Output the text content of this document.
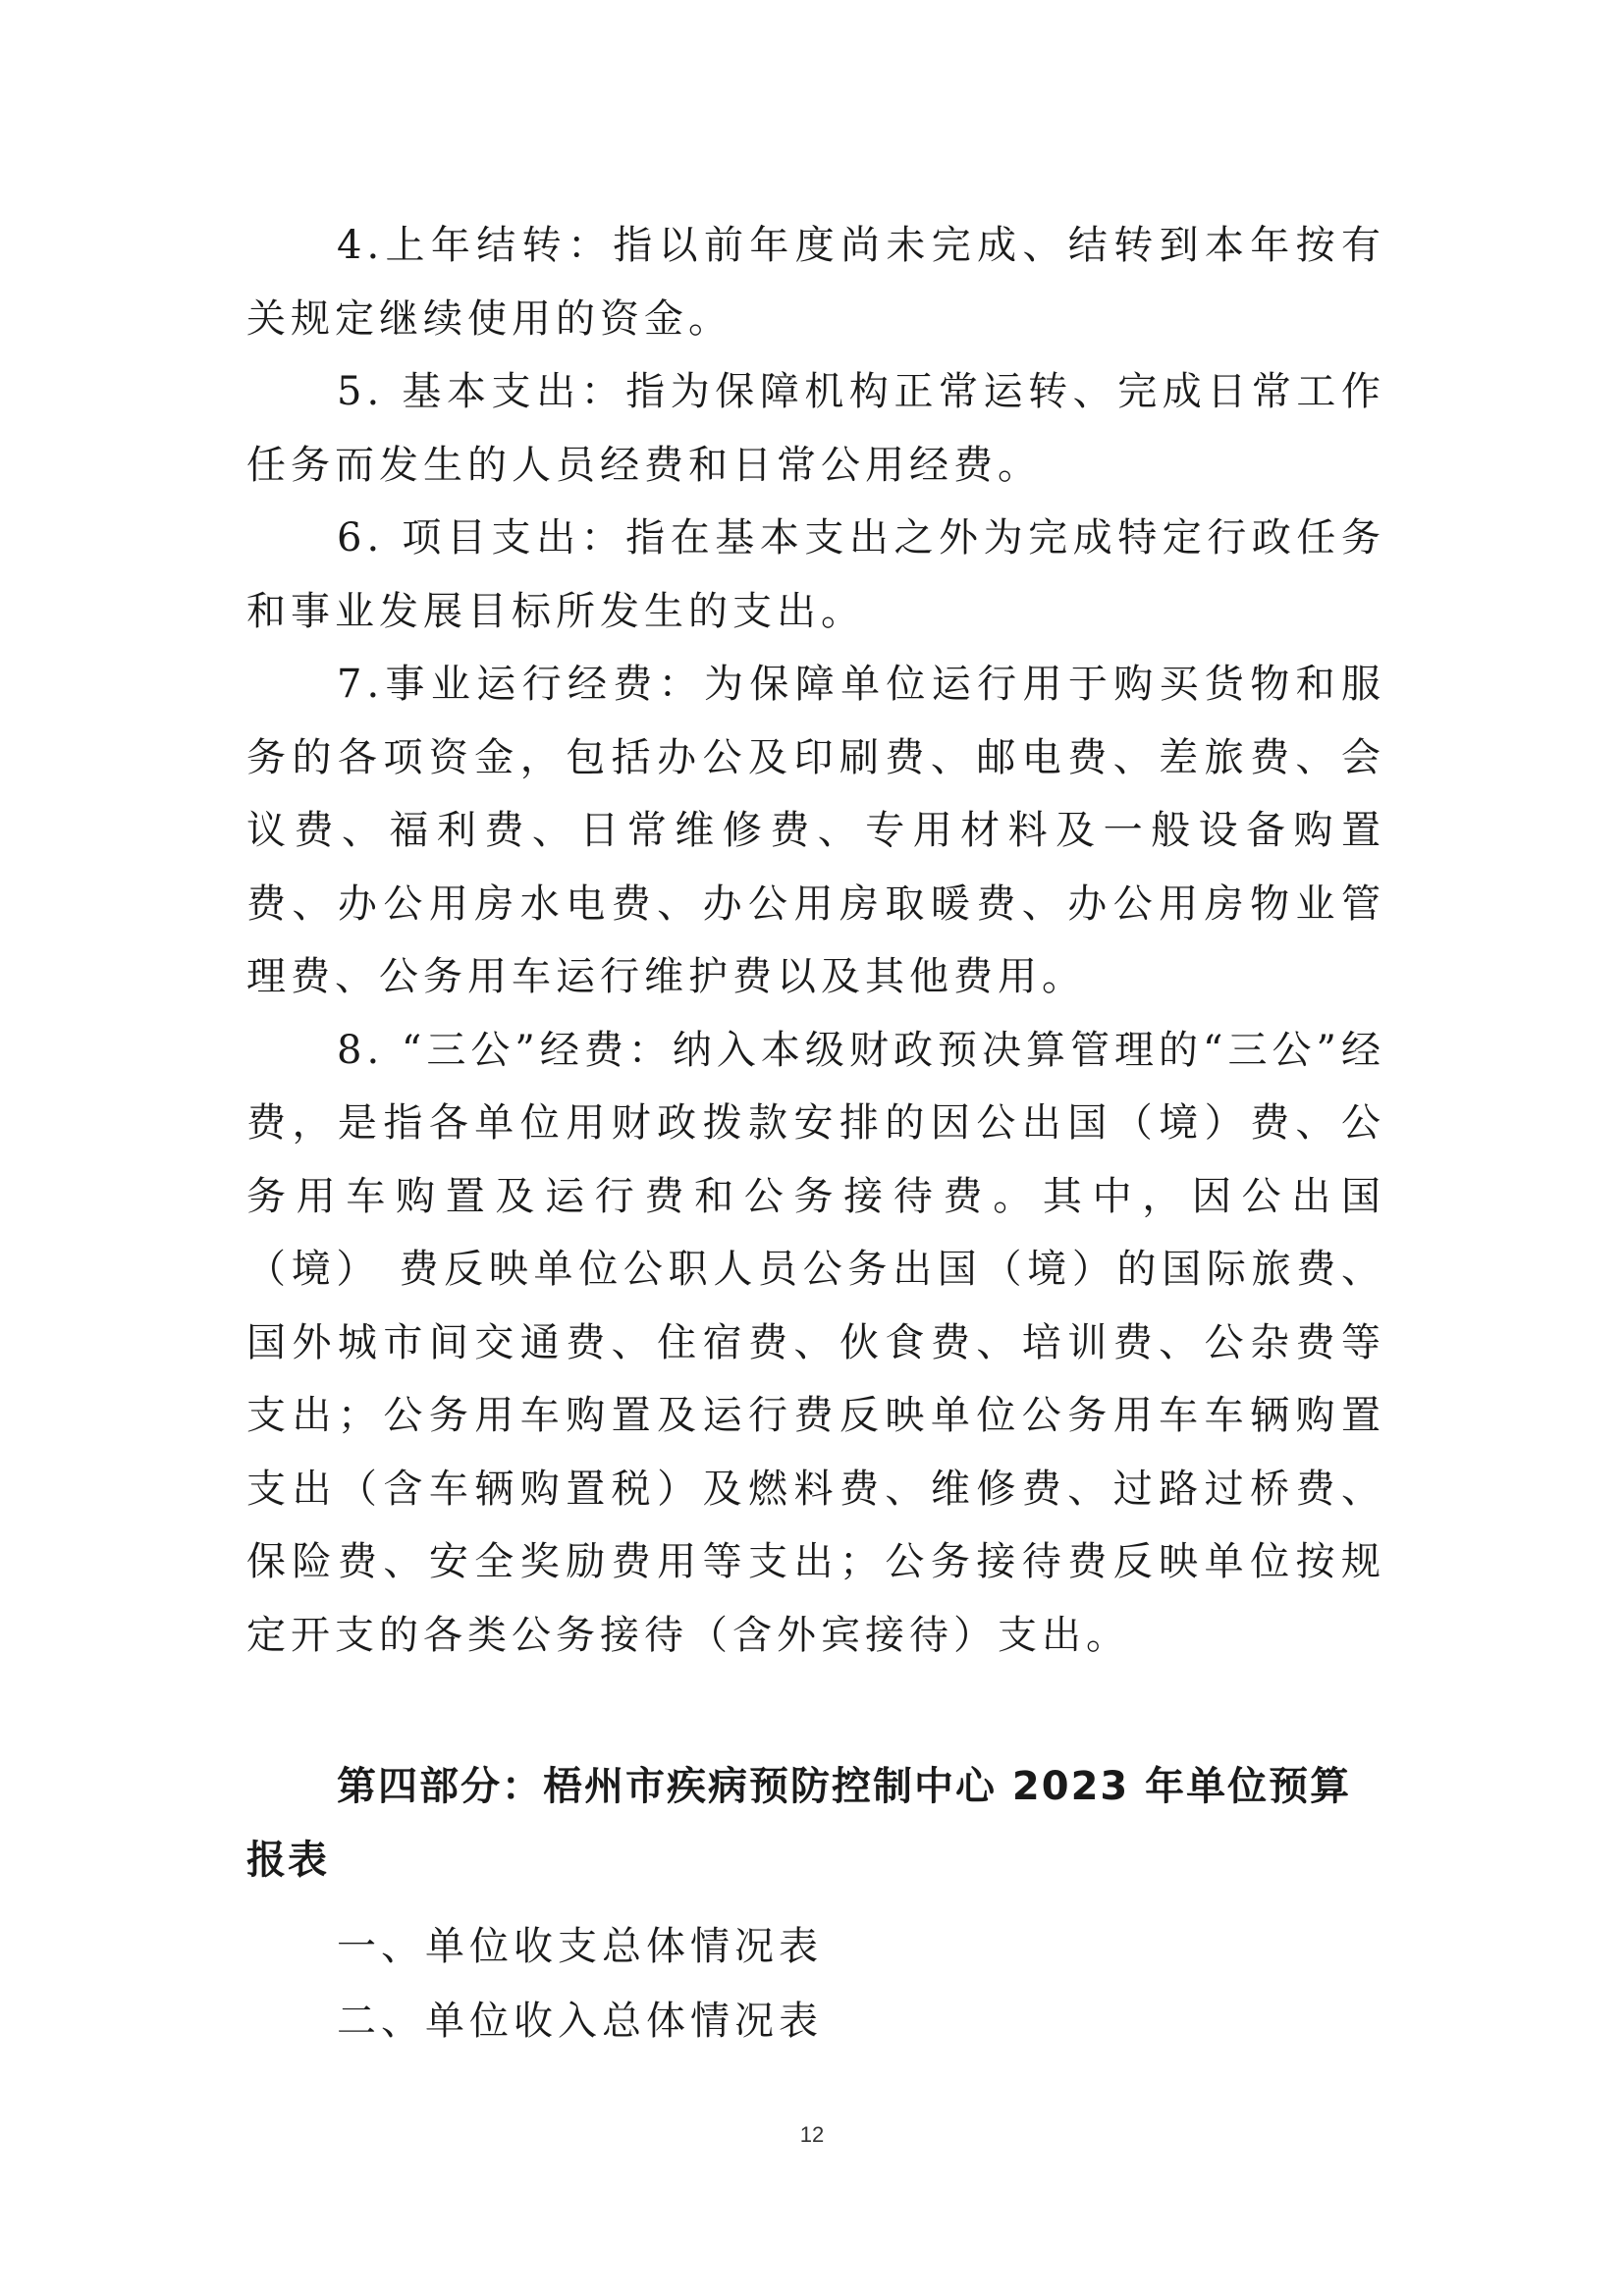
4.上年结转：指以前年度尚未完成、结转到本年按有关规定继续使用的资金。

5. 基本支出：指为保障机构正常运转、完成日常工作任务而发生的人员经费和日常公用经费。

6. 项目支出：指在基本支出之外为完成特定行政任务和事业发展目标所发生的支出。

7.事业运行经费：为保障单位运行用于购买货物和服务的各项资金，包括办公及印刷费、邮电费、差旅费、会议费、福利费、日常维修费、专用材料及一般设备购置费、办公用房水电费、办公用房取暖费、办公用房物业管理费、公务用车运行维护费以及其他费用。

8. “三公”经费：纳入本级财政预决算管理的“三公”经费，是指各单位用财政拨款安排的因公出国（境）费、公务用车购置及运行费和公务接待费。其中，因公出国（境） 费反映单位公职人员公务出国（境）的国际旅费、国外城市间交通费、住宿费、伙食费、培训费、公杂费等支出；公务用车购置及运行费反映单位公务用车车辆购置支出（含车辆购置税）及燃料费、维修费、过路过桥费、保险费、安全奖励费用等支出；公务接待费反映单位按规定开支的各类公务接待（含外宾接待）支出。

第四部分：梧州市疾病预防控制中心 2023 年单位预算报表
一、单位收支总体情况表
二、单位收入总体情况表
12
